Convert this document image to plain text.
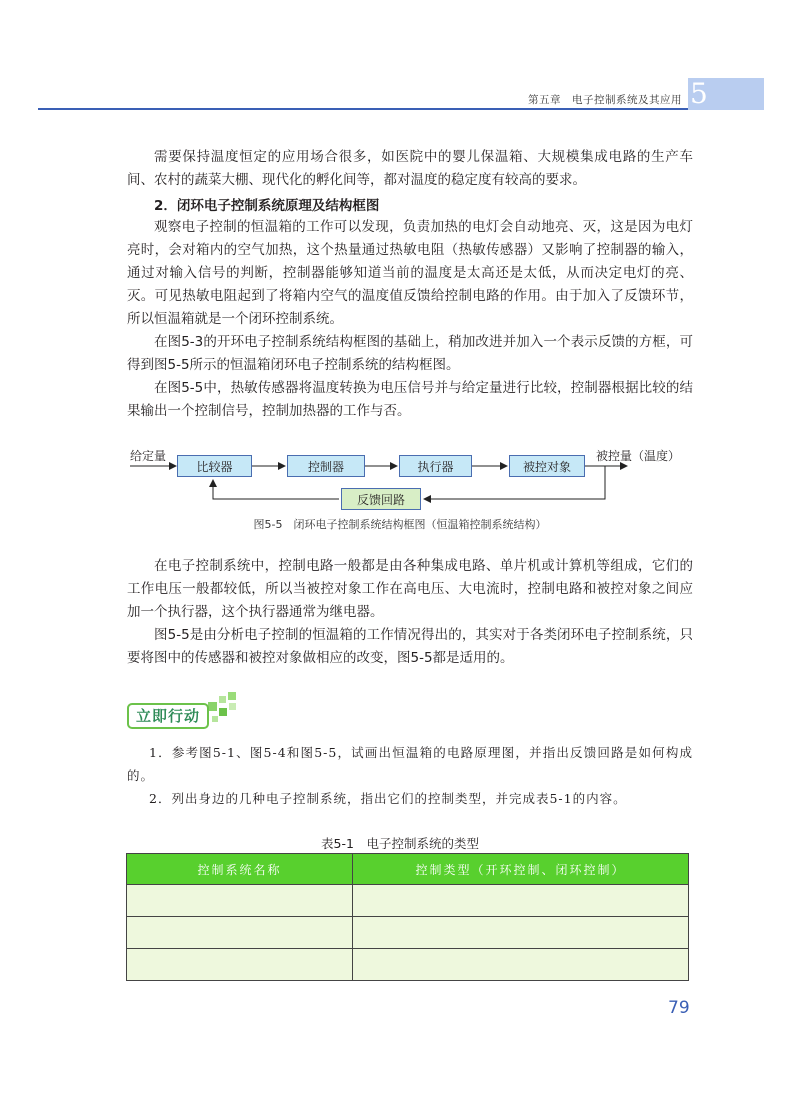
5
第五章　电子控制系统及其应用

需要保持温度恒定的应用场合很多，如医院中的婴儿保温箱、大规模集成电路的生产车间、农村的蔬菜大棚、现代化的孵化间等，都对温度的稳定度有较高的要求。

2．闭环电子控制系统原理及结构框图

观察电子控制的恒温箱的工作可以发现，负责加热的电灯会自动地亮、灭，这是因为电灯亮时，会对箱内的空气加热，这个热量通过热敏电阻（热敏传感器）又影响了控制器的输入，通过对输入信号的判断，控制器能够知道当前的温度是太高还是太低，从而决定电灯的亮、灭。可见热敏电阻起到了将箱内空气的温度值反馈给控制电路的作用。由于加入了反馈环节，所以恒温箱就是一个闭环控制系统。

在图5-3的开环电子控制系统结构框图的基础上，稍加改进并加入一个表示反馈的方框，可得到图5-5所示的恒温箱闭环电子控制系统的结构框图。

在图5-5中，热敏传感器将温度转换为电压信号并与给定量进行比较，控制器根据比较的结果输出一个控制信号，控制加热器的工作与否。

给定量
比较器	控制器	执行器	被控对象
被控量（温度）
反馈回路
图5-5　闭环电子控制系统结构框图（恒温箱控制系统结构）

在电子控制系统中，控制电路一般都是由各种集成电路、单片机或计算机等组成，它们的工作电压一般都较低，所以当被控对象工作在高电压、大电流时，控制电路和被控对象之间应加一个执行器，这个执行器通常为继电器。

图5-5是由分析电子控制的恒温箱的工作情况得出的，其实对于各类闭环电子控制系统，只要将图中的传感器和被控对象做相应的改变，图5-5都是适用的。

立即行动

1．参考图5-1、图5-4和图5-5，试画出恒温箱的电路原理图，并指出反馈回路是如何构成的。

2．列出身边的几种电子控制系统，指出它们的控制类型，并完成表5-1的内容。

表5-1　电子控制系统的类型
控制系统名称	控制类型（开环控制、闭环控制）

79
